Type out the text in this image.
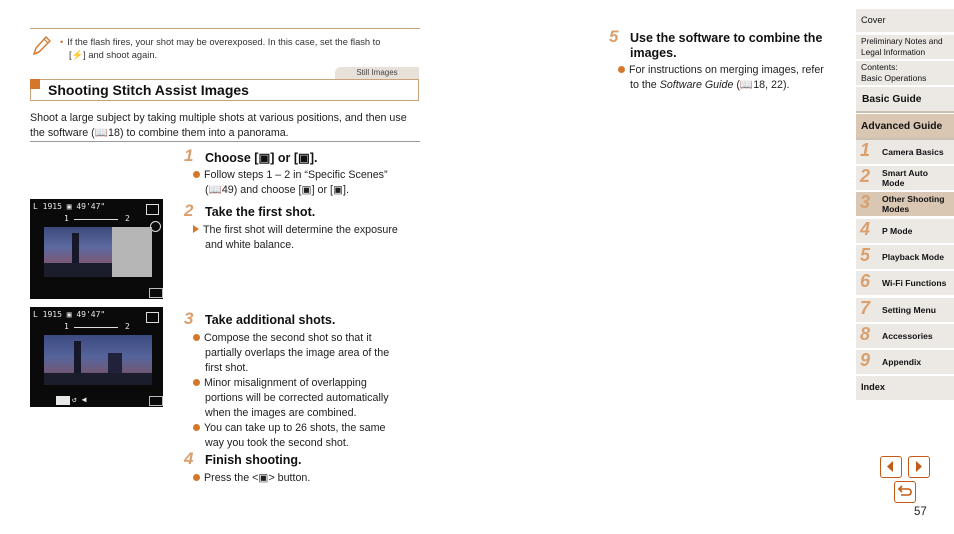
• If the flash fires, your shot may be overexposed. In this case, set the flash to
[⚡] and shoot again.
Still Images
Shooting Stitch Assist Images
Shoot a large subject by taking multiple shots at various positions, and then use the software (📖18) to combine them into a panorama.
L 1915 ▣ 49'47"
1	2
L 1915 ▣ 49'47"
1	2
↺ ◀
1 Choose [▣] or [▣].
Follow steps 1 – 2 in “Specific Scenes”
(📖49) and choose [▣] or [▣].
2 Take the first shot.
The first shot will determine the exposure
and white balance.
3 Take additional shots.
Compose the second shot so that it
partially overlaps the image area of the
first shot.
Minor misalignment of overlapping
portions will be corrected automatically
when the images are combined.
You can take up to 26 shots, the same
way you took the second shot.
4 Finish shooting.
Press the <▣> button.
5 Use the software to combine the
images.
For instructions on merging images, refer
to the Software Guide (📖18, 22).
Cover
Preliminary Notes and
Legal Information
Contents:
Basic Operations
Basic Guide
Advanced Guide
1 Camera Basics
2 Smart Auto
Mode
3 Other Shooting
Modes
4 P Mode
5 Playback Mode
6 Wi-Fi Functions
7 Setting Menu
8 Accessories
9 Appendix
Index
57
